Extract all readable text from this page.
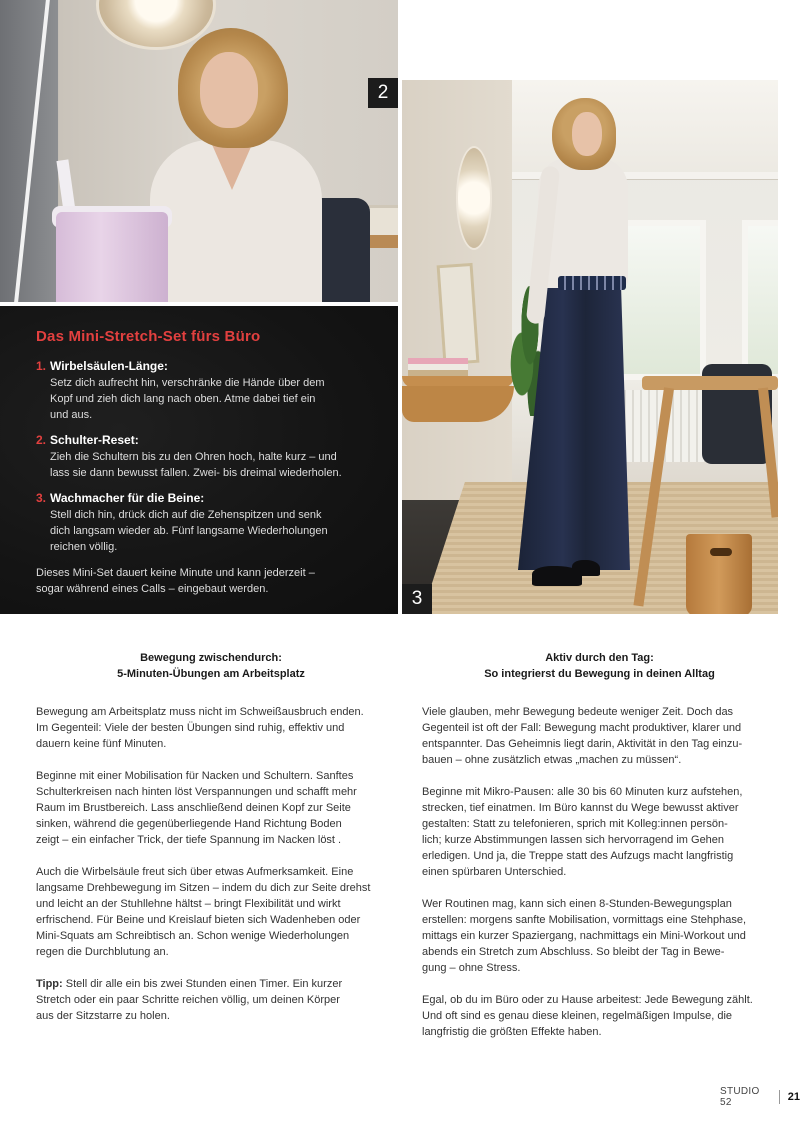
2
Das Mini-Stretch-Set fürs Büro
1. Wirbelsäulen-Länge:
Setz dich aufrecht hin, verschränke die Hände über dem
Kopf und zieh dich lang nach oben. Atme dabei tief ein
und aus.
2. Schulter-Reset:
Zieh die Schultern bis zu den Ohren hoch, halte kurz – und
lass sie dann bewusst fallen. Zwei- bis dreimal wiederholen.
3. Wachmacher für die Beine:
Stell dich hin, drück dich auf die Zehenspitzen und senk
dich langsam wieder ab. Fünf langsame Wiederholungen
reichen völlig.
Dieses Mini-Set dauert keine Minute und kann jederzeit –
sogar während eines Calls – eingebaut werden.	3
Bewegung zwischendurch:
5-Minuten-Übungen am Arbeitsplatz

Bewegung am Arbeitsplatz muss nicht im Schweißausbruch enden.
Im Gegenteil: Viele der besten Übungen sind ruhig, effektiv und
dauern keine fünf Minuten.

Beginne mit einer Mobilisation für Nacken und Schultern. Sanftes
Schulterkreisen nach hinten löst Verspannungen und schafft mehr
Raum im Brustbereich. Lass anschließend deinen Kopf zur Seite
sinken, während die gegenüberliegende Hand Richtung Boden
zeigt – ein einfacher Trick, der tiefe Spannung im Nacken löst .

Auch die Wirbelsäule freut sich über etwas Aufmerksamkeit. Eine
langsame Drehbewegung im Sitzen – indem du dich zur Seite drehst
und leicht an der Stuhllehne hältst – bringt Flexibilität und wirkt
erfrischend. Für Beine und Kreislauf bieten sich Wadenheben oder
Mini-Squats am Schreibtisch an. Schon wenige Wiederholungen
regen die Durchblutung an.

Tipp: Stell dir alle ein bis zwei Stunden einen Timer. Ein kurzer
Stretch oder ein paar Schritte reichen völlig, um deinen Körper
aus der Sitzstarre zu holen.

Aktiv durch den Tag:
So integrierst du Bewegung in deinen Alltag

Viele glauben, mehr Bewegung bedeute weniger Zeit. Doch das
Gegenteil ist oft der Fall: Bewegung macht produktiver, klarer und
entspannter. Das Geheimnis liegt darin, Aktivität in den Tag einzu-
bauen – ohne zusätzlich etwas „machen zu müssen“.

Beginne mit Mikro-Pausen: alle 30 bis 60 Minuten kurz aufstehen,
strecken, tief einatmen. Im Büro kannst du Wege bewusst aktiver
gestalten: Statt zu telefonieren, sprich mit Kolleg:innen persön-
lich; kurze Abstimmungen lassen sich hervorragend im Gehen
erledigen. Und ja, die Treppe statt des Aufzugs macht langfristig
einen spürbaren Unterschied.

Wer Routinen mag, kann sich einen 8-Stunden-Bewegungsplan
erstellen: morgens sanfte Mobilisation, vormittags eine Stehphase,
mittags ein kurzer Spaziergang, nachmittags ein Mini-Workout und
abends ein Stretch zum Abschluss. So bleibt der Tag in Bewe-
gung – ohne Stress.

Egal, ob du im Büro oder zu Hause arbeitest: Jede Bewegung zählt.
Und oft sind es genau diese kleinen, regelmäßigen Impulse, die
langfristig die größten Effekte haben.

STUDIO 52	21
